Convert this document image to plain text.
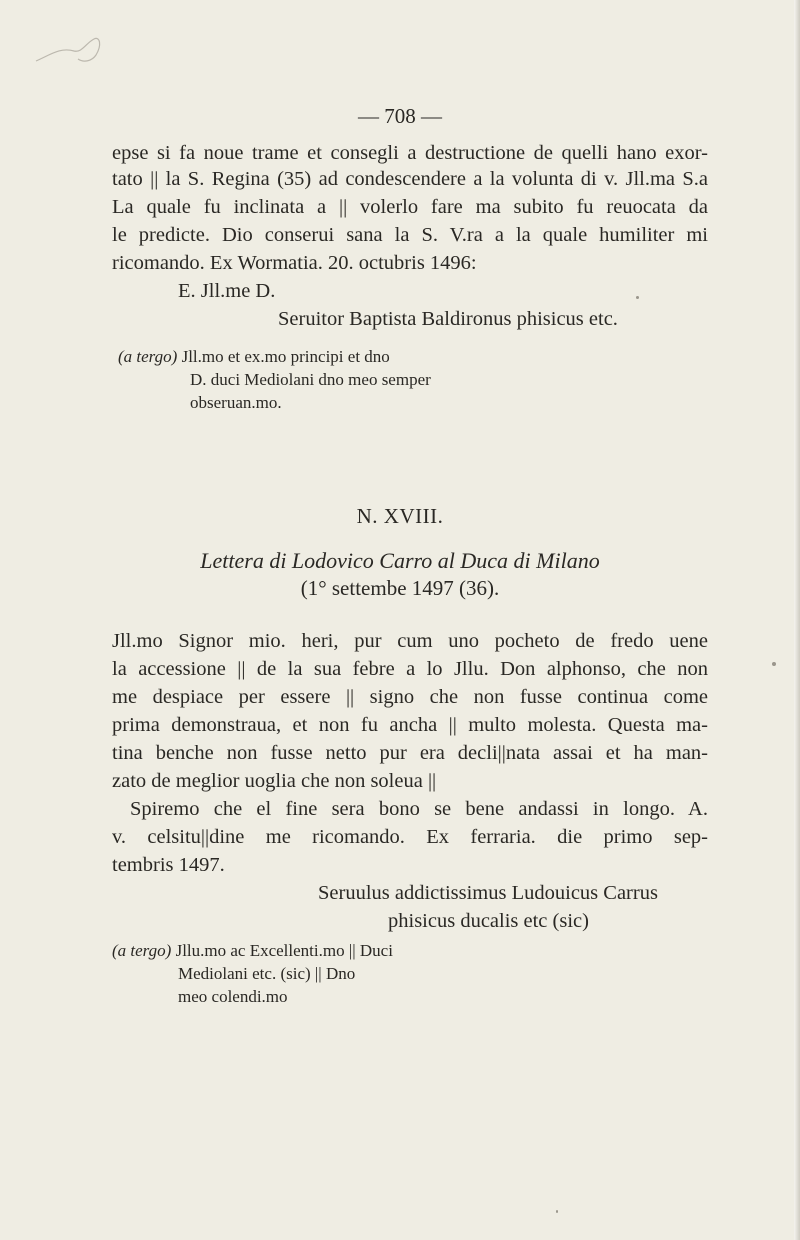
— 708 —
epse si fa noue trame et consegli a destructione de quelli hano exor-
tato || la S. Regina (35) ad condescendere a la volunta di v. Jll.ma S.a
La quale fu inclinata a || volerlo fare ma subito fu reuocata da
le predicte. Dio conserui sana la S. V.ra a la quale humiliter mi
ricomando. Ex Wormatia. 20. octubris 1496:
E. Jll.me D.
Seruitor Baptista Baldironus phisicus etc.
(a tergo) Jll.mo et ex.mo principi et dno
D. duci Mediolani dno meo semper
obseruan.mo.
N. XVIII.
Lettera di Lodovico Carro al Duca di Milano
(1° settembe 1497 (36).
Jll.mo Signor mio. heri, pur cum uno pocheto de fredo uene
la accessione || de la sua febre a lo Jllu. Don alphonso, che non
me despiace per essere || signo che non fusse continua come
prima demonstraua, et non fu ancha || multo molesta. Questa ma-
tina benche non fusse netto pur era decli||nata assai et ha man-
zato de meglior uoglia che non soleua ||
Spiremo che el fine sera bono se bene andassi in longo. A.
v. celsitu||dine me ricomando. Ex ferraria. die primo sep-
tembris 1497.
Seruulus addictissimus Ludouicus Carrus
phisicus ducalis etc (sic)
(a tergo) Jllu.mo ac Excellenti.mo || Duci
Mediolani etc. (sic) || Dno
meo colendi.mo
